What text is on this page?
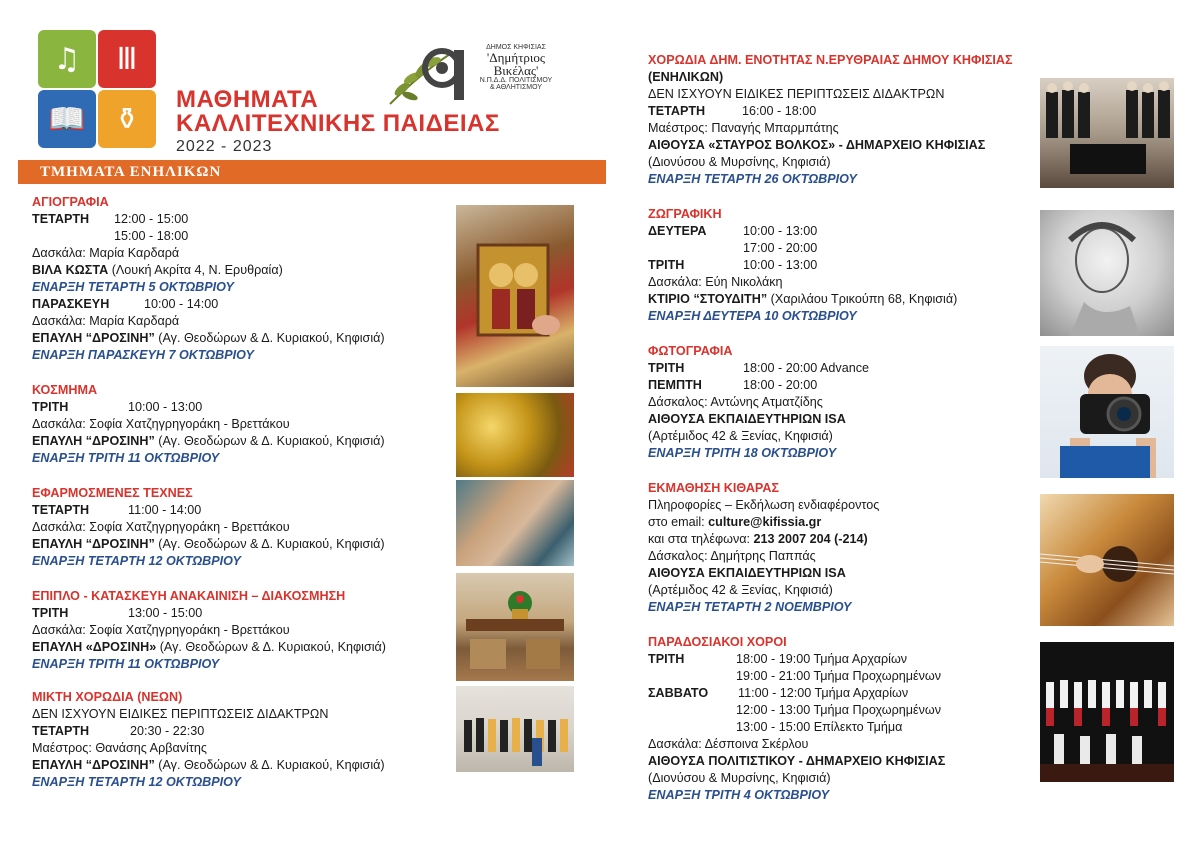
♫	Ⅲ
📖 ⚱
ΜΑΘΗΜΑΤΑ
ΚΑΛΛΙΤΕΧΝΙΚΗΣ ΠΑΙΔΕΙΑΣ
2022 - 2023
ΔΗΜΟΣ ΚΗΦΙΣΙΑΣ
'Δημήτριος
Βικέλας'
Ν.Π.Δ.Δ. ΠΟΛΙΤΙΣΜΟΥ
& ΑΘΛΗΤΙΣΜΟΥ
ΤΜΗΜΑΤΑ ΕΝΗΛΙΚΩΝ
ΑΓΙΟΓΡΑΦΙΑ
ΤΕΤΑΡΤΗ	12:00 - 15:00
15:00 - 18:00
Δασκάλα: Μαρία Καρδαρά
ΒΙΛΑ ΚΩΣΤΑ (Λουκή Ακρίτα 4, Ν. Ερυθραία)
ΕΝΑΡΞΗ ΤΕΤΑΡΤΗ 5 ΟΚΤΩΒΡΙΟΥ
ΠΑΡΑΣΚΕΥΗ	10:00 - 14:00
Δασκάλα: Μαρία Καρδαρά
ΕΠΑΥΛΗ “ΔΡΟΣΙΝΗ” (Αγ. Θεοδώρων & Δ. Κυριακού, Κηφισιά)
ΕΝΑΡΞΗ ΠΑΡΑΣΚΕΥΗ 7 ΟΚΤΩΒΡΙΟΥ
ΚΟΣΜΗΜΑ
ΤΡΙΤΗ	10:00 - 13:00
Δασκάλα: Σοφία Χατζηγρηγοράκη - Βρεττάκου
ΕΠΑΥΛΗ “ΔΡΟΣΙΝΗ” (Αγ. Θεοδώρων & Δ. Κυριακού, Κηφισιά)
ΕΝΑΡΞΗ ΤΡΙΤΗ 11 ΟΚΤΩΒΡΙΟΥ
ΕΦΑΡΜΟΣΜΕΝΕΣ ΤΕΧΝΕΣ
ΤΕΤΑΡΤΗ	11:00 - 14:00
Δασκάλα: Σοφία Χατζηγρηγοράκη - Βρεττάκου
ΕΠΑΥΛΗ “ΔΡΟΣΙΝΗ” (Αγ. Θεοδώρων & Δ. Κυριακού, Κηφισιά)
ΕΝΑΡΞΗ ΤΕΤΑΡΤΗ 12 ΟΚΤΩΒΡΙΟΥ
ΕΠΙΠΛΟ - ΚΑΤΑΣΚΕΥΗ ΑΝΑΚΑΙΝΙΣΗ – ΔΙΑΚΟΣΜΗΣΗ
ΤΡΙΤΗ	13:00 - 15:00
Δασκάλα: Σοφία Χατζηγρηγοράκη - Βρεττάκου
ΕΠΑΥΛΗ «ΔΡΟΣΙΝΗ» (Αγ. Θεοδώρων & Δ. Κυριακού, Κηφισιά)
ΕΝΑΡΞΗ ΤΡΙΤΗ 11 ΟΚΤΩΒΡΙΟΥ
ΜΙΚΤΗ ΧΟΡΩΔΙΑ (ΝΕΩΝ)
ΔΕΝ ΙΣΧΥΟΥΝ ΕΙΔΙΚΕΣ ΠΕΡΙΠΤΩΣΕΙΣ ΔΙΔΑΚΤΡΩΝ
ΤΕΤΑΡΤΗ	20:30 - 22:30
Μαέστρος: Θανάσης Αρβανίτης
ΕΠΑΥΛΗ “ΔΡΟΣΙΝΗ” (Αγ. Θεοδώρων & Δ. Κυριακού, Κηφισιά)
ΕΝΑΡΞΗ ΤΕΤΑΡΤΗ 12 ΟΚΤΩΒΡΙΟΥ
ΧΟΡΩΔΙΑ ΔΗΜ. ΕΝΟΤΗΤΑΣ Ν.ΕΡΥΘΡΑΙΑΣ ΔΗΜΟΥ ΚΗΦΙΣΙΑΣ
(ΕΝΗΛΙΚΩΝ)
ΔΕΝ ΙΣΧΥΟΥΝ ΕΙΔΙΚΕΣ ΠΕΡΙΠΤΩΣΕΙΣ ΔΙΔΑΚΤΡΩΝ
ΤΕΤΑΡΤΗ	16:00 - 18:00
Μαέστρος: Παναγής Μπαρμπάτης
ΑΙΘΟΥΣΑ «ΣΤΑΥΡΟΣ ΒΟΛΚΟΣ» - ΔΗΜΑΡΧΕΙΟ ΚΗΦΙΣΙΑΣ
(Διονύσου & Μυρσίνης, Κηφισιά)
ΕΝΑΡΞΗ ΤΕΤΑΡΤΗ 26 ΟΚΤΩΒΡΙΟΥ
ΖΩΓΡΑΦΙΚΗ
ΔΕΥΤΕΡΑ	10:00 - 13:00
17:00 - 20:00
ΤΡΙΤΗ	10:00 - 13:00
Δασκάλα: Εύη Νικολάκη
ΚΤΙΡΙΟ “ΣΤΟΥΔΙΤΗ” (Χαριλάου Τρικούπη 68, Κηφισιά)
ΕΝΑΡΞΗ ΔΕΥΤΕΡΑ 10 ΟΚΤΩΒΡΙΟΥ
ΦΩΤΟΓΡΑΦΙΑ
ΤΡΙΤΗ	18:00 - 20:00 Advance
ΠΕΜΠΤΗ	18:00 - 20:00
Δάσκαλος: Αντώνης Ατματζίδης
ΑΙΘΟΥΣΑ ΕΚΠΑΙΔΕΥΤΗΡΙΩΝ ISA
(Αρτέμιδος 42 & Ξενίας, Κηφισιά)
ΕΝΑΡΞΗ ΤΡΙΤΗ 18 ΟΚΤΩΒΡΙΟΥ
ΕΚΜΑΘΗΣΗ ΚΙΘΑΡΑΣ
Πληροφορίες – Εκδήλωση ενδιαφέροντος
στο email: culture@kifissia.gr
και στα τηλέφωνα: 213 2007 204 (-214)
Δάσκαλος: Δημήτρης Παππάς
ΑΙΘΟΥΣΑ ΕΚΠΑΙΔΕΥΤΗΡΙΩΝ ISA
(Αρτέμιδος 42 & Ξενίας, Κηφισιά)
ΕΝΑΡΞΗ ΤΕΤΑΡΤΗ 2 ΝΟΕΜΒΡΙΟΥ
ΠΑΡΑΔΟΣΙΑΚΟΙ ΧΟΡΟΙ
ΤΡΙΤΗ	18:00 - 19:00 Τμήμα Αρχαρίων
19:00 - 21:00 Τμήμα Προχωρημένων
ΣΑΒΒΑΤΟ	11:00 - 12:00 Τμήμα Αρχαρίων
12:00 - 13:00 Τμήμα Προχωρημένων
13:00 - 15:00 Επίλεκτο Τμήμα
Δασκάλα: Δέσποινα Σκέρλου
ΑΙΘΟΥΣΑ ΠΟΛΙΤΙΣΤΙΚΟΥ - ΔΗΜΑΡΧΕΙΟ ΚΗΦΙΣΙΑΣ
(Διονύσου & Μυρσίνης, Κηφισιά)
ΕΝΑΡΞΗ ΤΡΙΤΗ 4 ΟΚΤΩΒΡΙΟΥ
